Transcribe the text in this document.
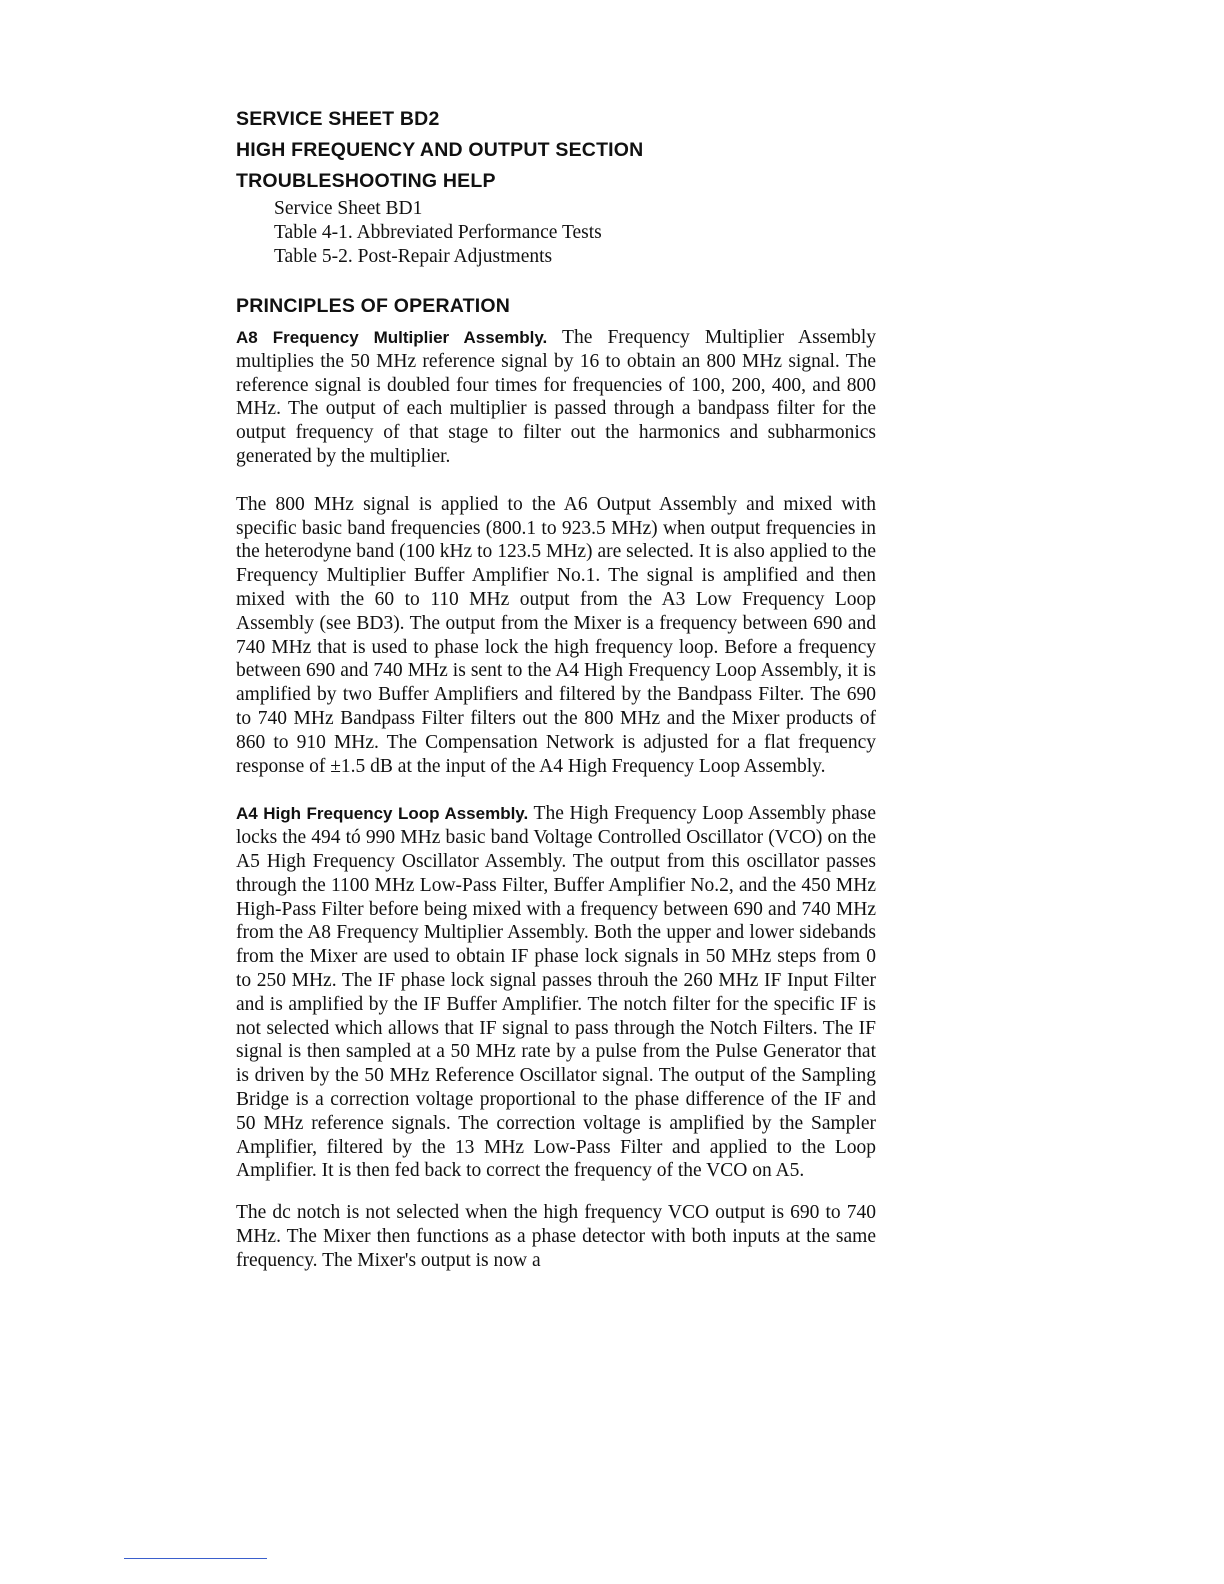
SERVICE SHEET BD2
HIGH FREQUENCY AND OUTPUT SECTION
TROUBLESHOOTING HELP
Service Sheet BD1
Table 4-1. Abbreviated Performance Tests
Table 5-2. Post-Repair Adjustments
PRINCIPLES OF OPERATION

A8 Frequency Multiplier Assembly. The Frequency Multiplier Assembly multiplies the 50 MHz reference signal by 16 to obtain an 800 MHz signal. The reference signal is doubled four times for frequencies of 100, 200, 400, and 800 MHz. The output of each multiplier is passed through a bandpass filter for the output frequency of that stage to filter out the harmonics and subharmonics generated by the multiplier.

The 800 MHz signal is applied to the A6 Output Assembly and mixed with specific basic band frequencies (800.1 to 923.5 MHz) when output frequencies in the heterodyne band (100 kHz to 123.5 MHz) are selected. It is also applied to the Frequency Multiplier Buffer Amplifier No.1. The signal is amplified and then mixed with the 60 to 110 MHz output from the A3 Low Frequency Loop Assembly (see BD3). The output from the Mixer is a frequency between 690 and 740 MHz that is used to phase lock the high frequency loop. Before a frequency between 690 and 740 MHz is sent to the A4 High Frequency Loop Assembly, it is amplified by two Buffer Amplifiers and filtered by the Bandpass Filter. The 690 to 740 MHz Bandpass Filter filters out the 800 MHz and the Mixer products of 860 to 910 MHz. The Compensation Network is adjusted for a flat frequency response of ±1.5 dB at the input of the A4 High Frequency Loop Assembly.

A4 High Frequency Loop Assembly. The High Frequency Loop Assembly phase locks the 494 tó 990 MHz basic band Voltage Controlled Oscillator (VCO) on the A5 High Frequency Oscillator Assembly. The output from this oscillator passes through the 1100 MHz Low-Pass Filter, Buffer Amplifier No.2, and the 450 MHz High-Pass Filter before being mixed with a frequency between 690 and 740 MHz from the A8 Frequency Multiplier Assembly. Both the upper and lower sidebands from the Mixer are used to obtain IF phase lock signals in 50 MHz steps from 0 to 250 MHz. The IF phase lock signal passes throuh the 260 MHz IF Input Filter and is amplified by the IF Buffer Amplifier. The notch filter for the specific IF is not selected which allows that IF signal to pass through the Notch Filters. The IF signal is then sampled at a 50 MHz rate by a pulse from the Pulse Generator that is driven by the 50 MHz Reference Oscillator signal. The output of the Sampling Bridge is a correction voltage proportional to the phase difference of the IF and 50 MHz reference signals. The correction voltage is amplified by the Sampler Amplifier, filtered by the 13 MHz Low-Pass Filter and applied to the Loop Amplifier. It is then fed back to correct the frequency of the VCO on A5.

The dc notch is not selected when the high frequency VCO output is 690 to 740 MHz. The Mixer then functions as a phase detector with both inputs at the same frequency. The Mixer's output is now a
